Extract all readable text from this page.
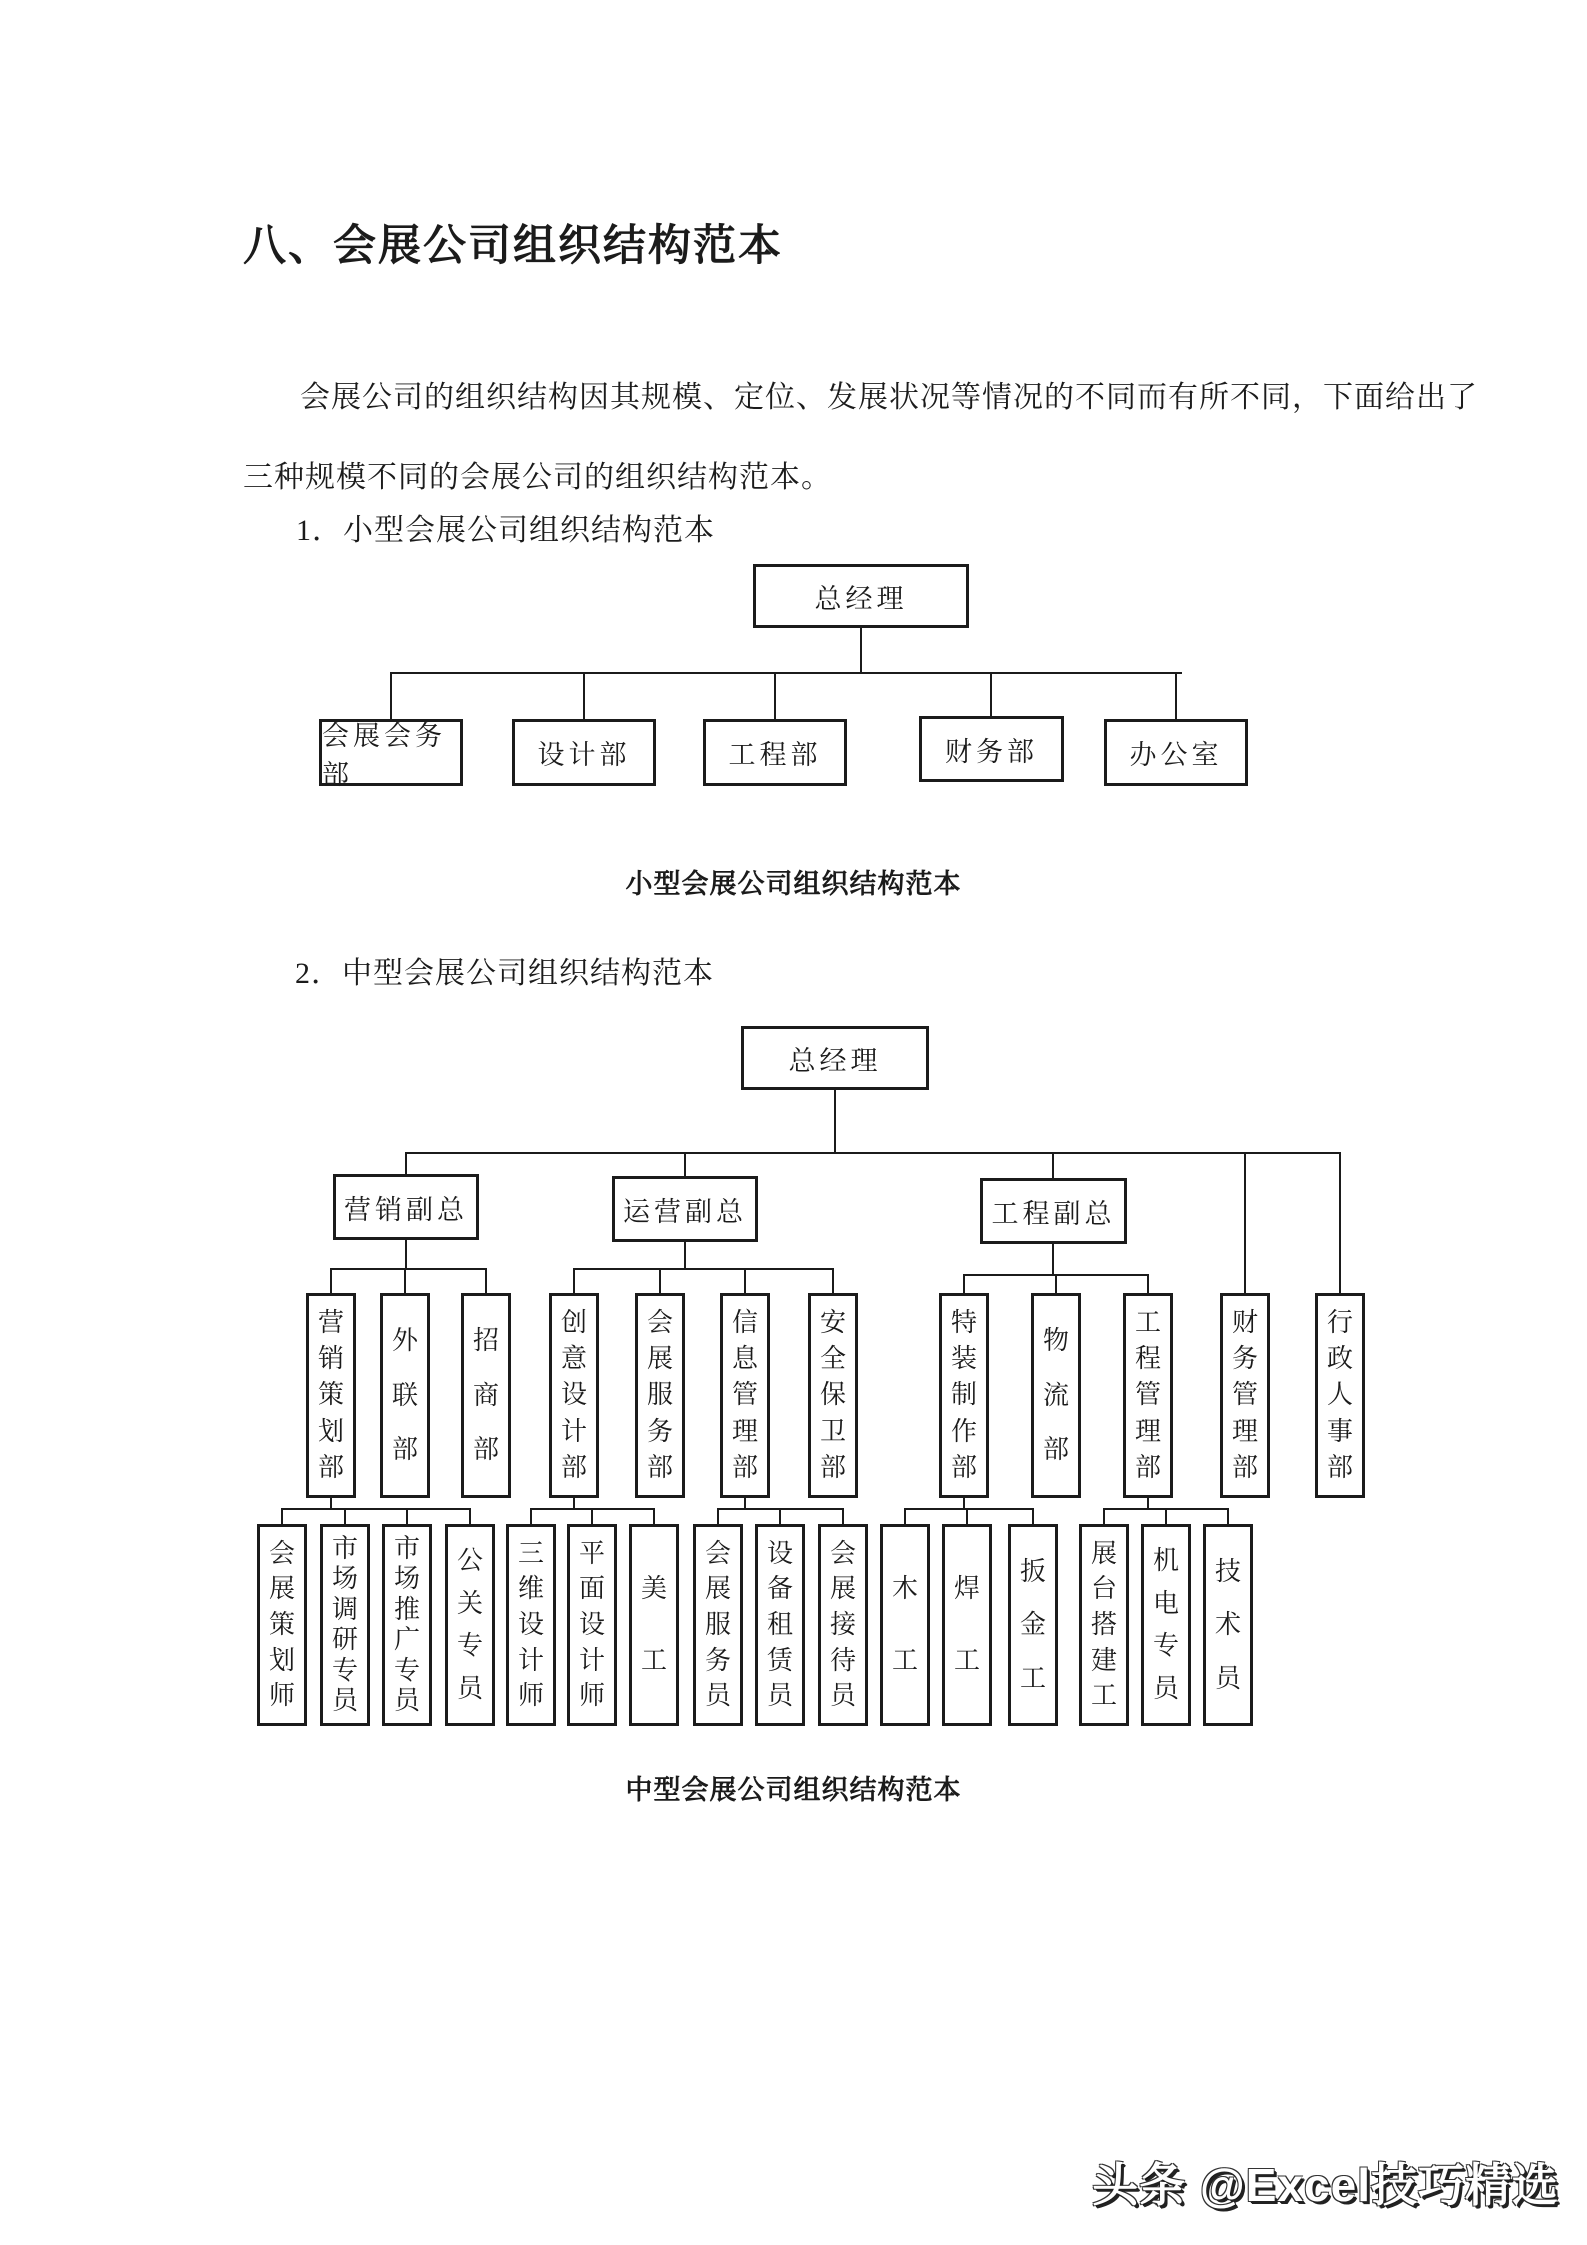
八、会展公司组织结构范本
会展公司的组织结构因其规模、定位、发展状况等情况的不同而有所不同，下面给出了
三种规模不同的会展公司的组织结构范本。
1．小型会展公司组织结构范本
总经理
会展会务部
设计部	工程部	财务部	办公室
小型会展公司组织结构范本
2．中型会展公司组织结构范本
总经理
营销副总	运营副总	工程副总
营
销
策
划
部
外
联
部
招
商
部
创
意
设
计
部
会
展
服
务
部
信
息
管
理
部
安
全
保
卫
部
特
装
制
作
部
物
流
部
工
程
管
理
部
财
务
管
理
部
行
政
人
事
部
会
展
策
划
师
市
场
调
研
专
员
市
场
推
广
专
员
公
关
专
员
三
维
设
计
师
平
面
设
计
师
美
工
会
展
服
务
员
设
备
租
赁
员
会
展
接
待
员
木
工
焊
工
扳
金
工
展
台
搭
建
工
机
电
专
员
技
术
员
中型会展公司组织结构范本
头条 @Excel技巧精选
